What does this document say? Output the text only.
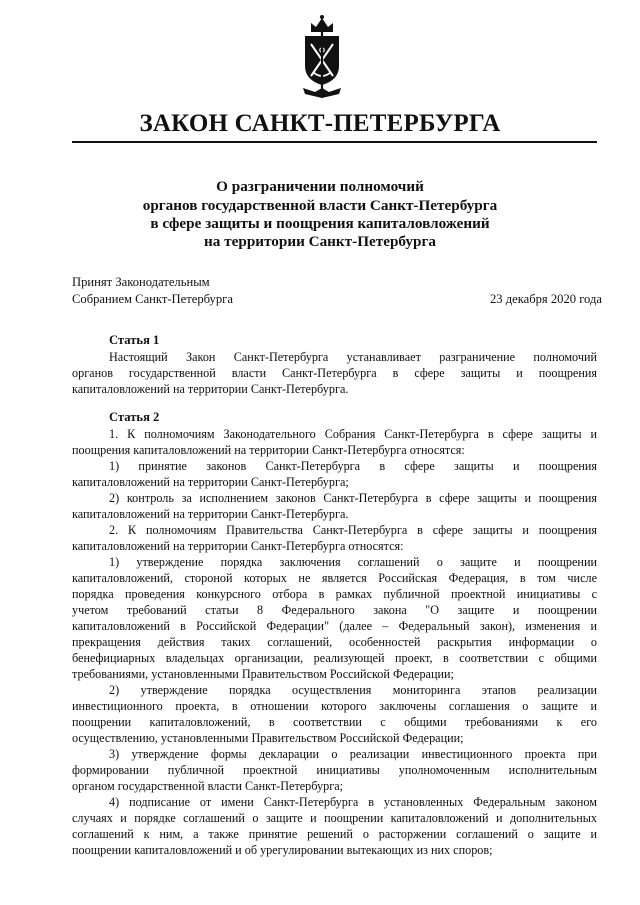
ЗАКОН САНКТ-ПЕТЕРБУРГА
О разграничении полномочий
органов государственной власти Санкт-Петербурга
в сфере защиты и поощрения капиталовложений
на территории Санкт-Петербурга
Принят Законодательным
Собранием Санкт-Петербурга	23 декабря 2020 года
Статья 1
Настоящий Закон Санкт-Петербурга устанавливает разграничение полномочий
органов государственной власти Санкт-Петербурга в сфере защиты и поощрения
капиталовложений на территории Санкт-Петербурга.
Статья 2
1. К полномочиям Законодательного Собрания Санкт-Петербурга в сфере защиты и
поощрения капиталовложений на территории Санкт-Петербурга относятся:
1) принятие законов Санкт-Петербурга в сфере защиты и поощрения
капиталовложений на территории Санкт-Петербурга;
2) контроль за исполнением законов Санкт-Петербурга в сфере защиты и поощрения
капиталовложений на территории Санкт-Петербурга.
2. К полномочиям Правительства Санкт-Петербурга в сфере защиты и поощрения
капиталовложений на территории Санкт-Петербурга относятся:
1) утверждение порядка заключения соглашений о защите и поощрении
капиталовложений, стороной которых не является Российская Федерация, в том числе
порядка проведения конкурсного отбора в рамках публичной проектной инициативы с
учетом требований статьи 8 Федерального закона "О защите и поощрении
капиталовложений в Российской Федерации" (далее – Федеральный закон), изменения и
прекращения действия таких соглашений, особенностей раскрытия информации о
бенефициарных владельцах организации, реализующей проект, в соответствии с общими
требованиями, установленными Правительством Российской Федерации;
2) утверждение порядка осуществления мониторинга этапов реализации
инвестиционного проекта, в отношении которого заключены соглашения о защите и
поощрении капиталовложений, в соответствии с общими требованиями к его
осуществлению, установленными Правительством Российской Федерации;
3) утверждение формы декларации о реализации инвестиционного проекта при
формировании публичной проектной инициативы уполномоченным исполнительным
органом государственной власти Санкт-Петербурга;
4) подписание от имени Санкт-Петербурга в установленных Федеральным законом
случаях и порядке соглашений о защите и поощрении капиталовложений и дополнительных
соглашений к ним, а также принятие решений о расторжении соглашений о защите и
поощрении капиталовложений и об урегулировании вытекающих из них споров;
